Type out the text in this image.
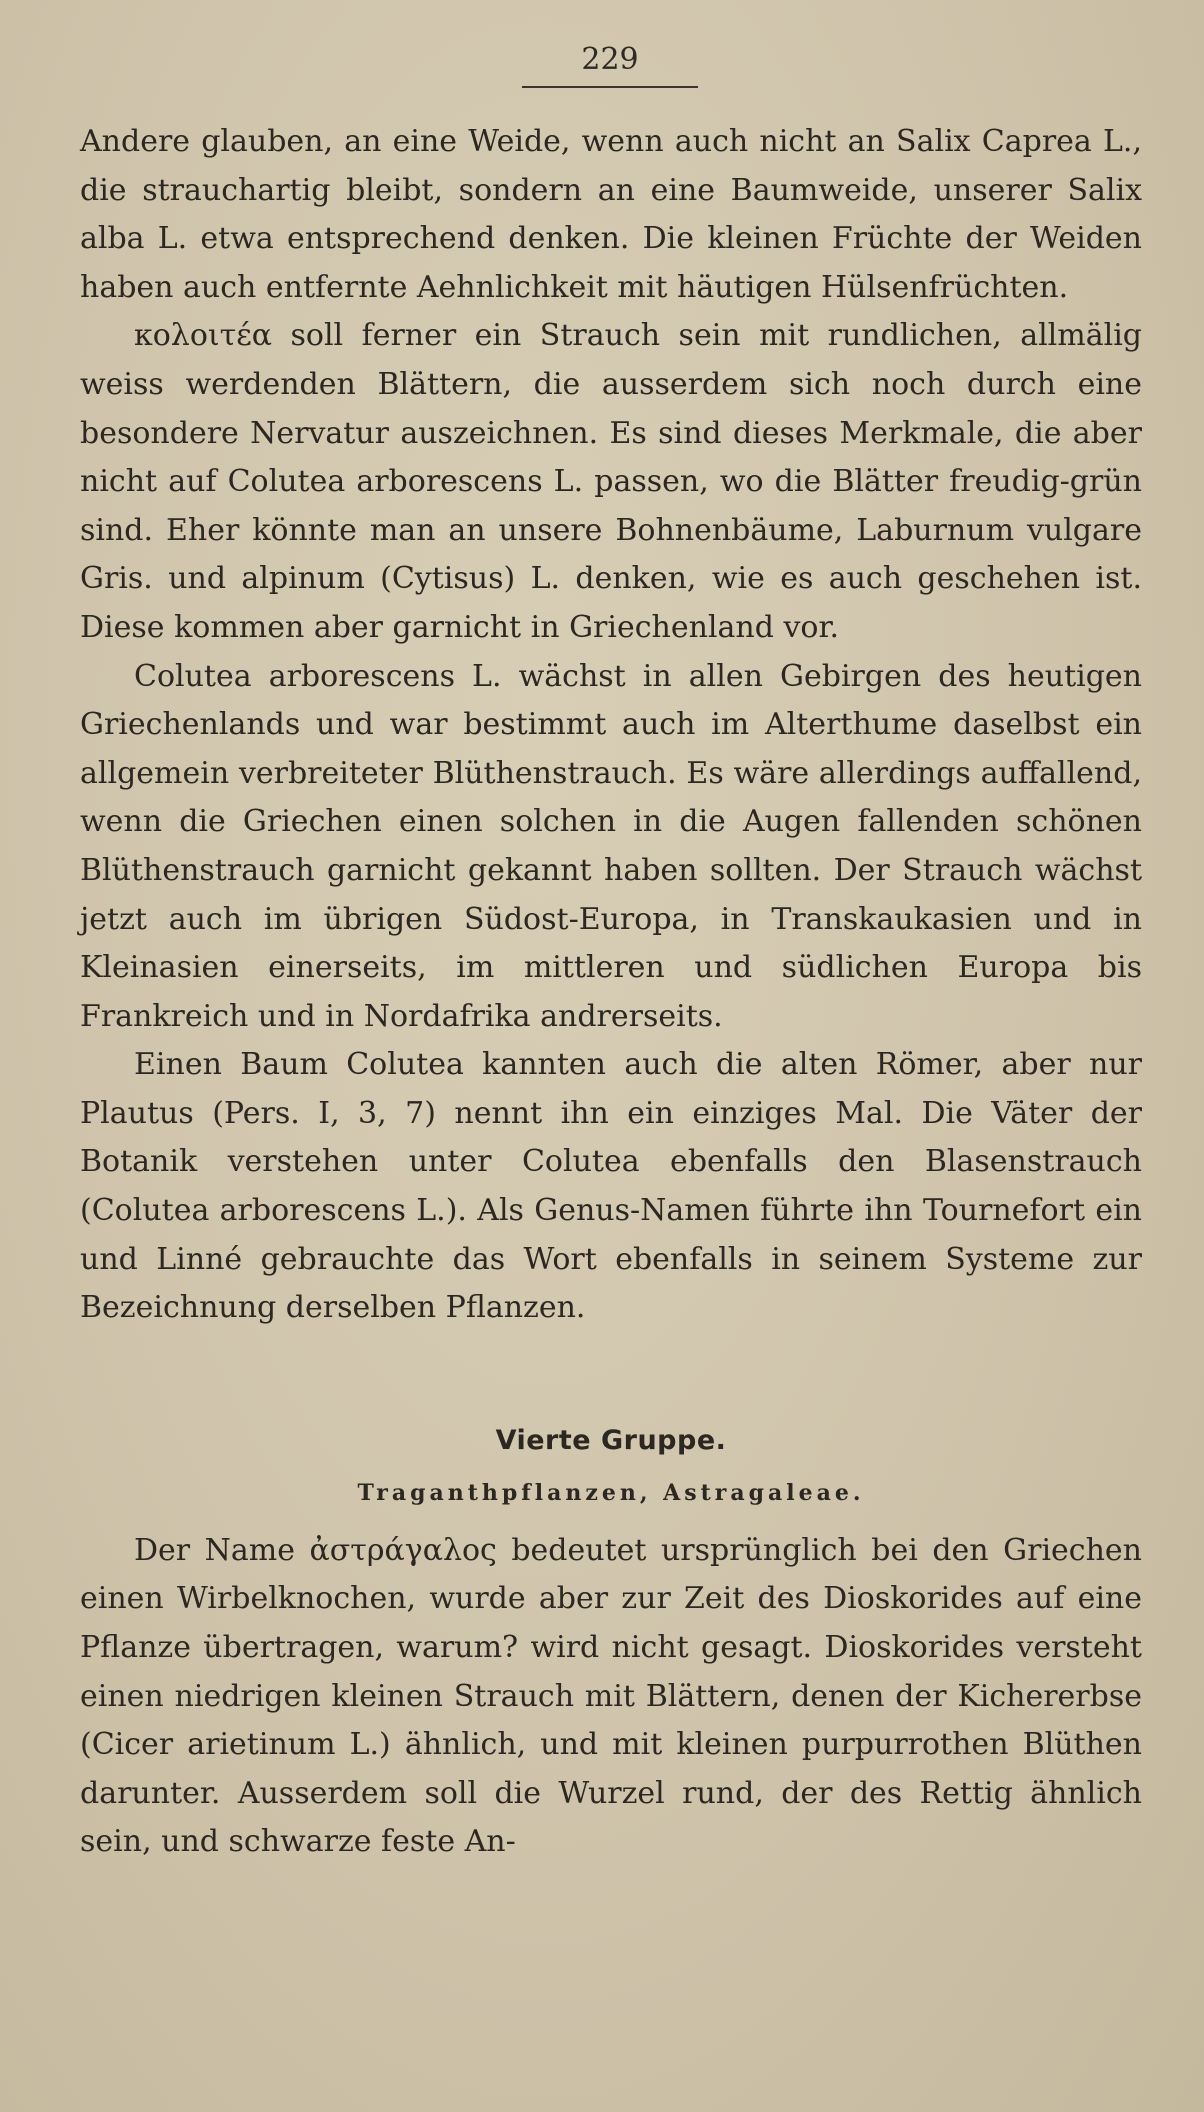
229

Andere glauben, an eine Weide, wenn auch nicht an Salix Caprea L., die strauchartig bleibt, sondern an eine Baumweide, unserer Salix alba L. etwa entsprechend denken. Die kleinen Früchte der Weiden haben auch entfernte Aehnlichkeit mit häutigen Hülsenfrüchten.

κολοιτέα soll ferner ein Strauch sein mit rundlichen, allmälig weiss werdenden Blättern, die ausserdem sich noch durch eine besondere Nervatur auszeichnen. Es sind dieses Merkmale, die aber nicht auf Colutea arborescens L. passen, wo die Blätter freudig-grün sind. Eher könnte man an unsere Bohnenbäume, Laburnum vulgare Gris. und alpinum (Cytisus) L. denken, wie es auch geschehen ist. Diese kommen aber garnicht in Griechenland vor.

Colutea arborescens L. wächst in allen Gebirgen des heutigen Griechenlands und war bestimmt auch im Alterthume daselbst ein allgemein verbreiteter Blüthenstrauch. Es wäre allerdings auffallend, wenn die Griechen einen solchen in die Augen fallenden schönen Blüthenstrauch garnicht gekannt haben sollten. Der Strauch wächst jetzt auch im übrigen Südost-Europa, in Transkaukasien und in Kleinasien einerseits, im mittleren und südlichen Europa bis Frankreich und in Nordafrika andrerseits.

Einen Baum Colutea kannten auch die alten Römer, aber nur Plautus (Pers. I, 3, 7) nennt ihn ein einziges Mal. Die Väter der Botanik verstehen unter Colutea ebenfalls den Blasenstrauch (Colutea arborescens L.). Als Genus-Namen führte ihn Tournefort ein und Linné gebrauchte das Wort ebenfalls in seinem Systeme zur Bezeichnung derselben Pflanzen.

Vierte Gruppe.
Traganthpflanzen, Astragaleae.

Der Name ἀστράγαλος bedeutet ursprünglich bei den Griechen einen Wirbelknochen, wurde aber zur Zeit des Dioskorides auf eine Pflanze übertragen, warum? wird nicht gesagt. Dioskorides versteht einen niedrigen kleinen Strauch mit Blättern, denen der Kichererbse (Cicer arietinum L.) ähnlich, und mit kleinen purpurrothen Blüthen darunter. Ausserdem soll die Wurzel rund, der des Rettig ähnlich sein, und schwarze feste An-
